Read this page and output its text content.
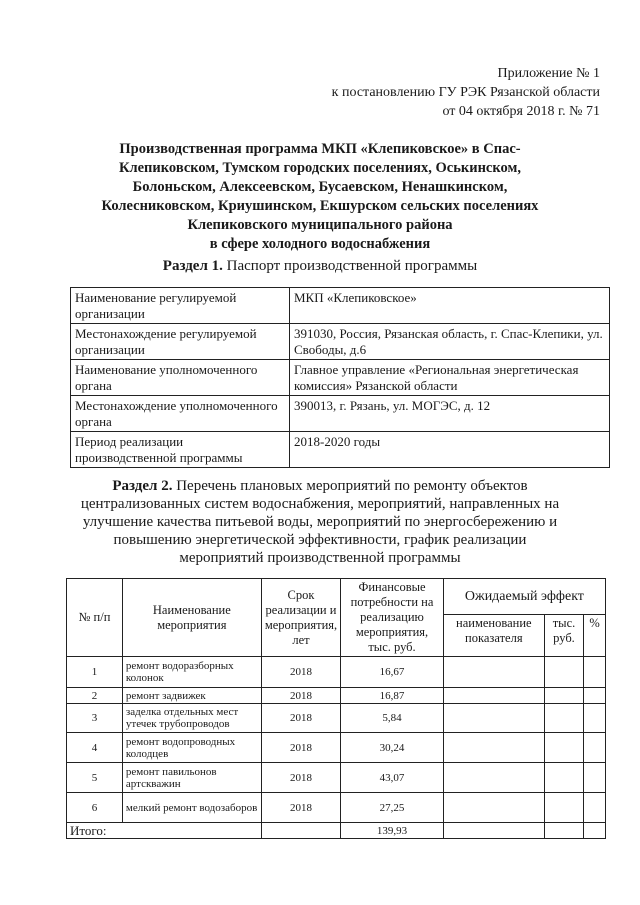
Приложение № 1
к постановлению ГУ РЭК Рязанской области
от 04 октября 2018 г. № 71
Производственная программа МКП «Клепиковское» в Спас-
Клепиковском, Тумском городских поселениях, Оськинском,
Болоньском, Алексеевском, Бусаевском, Ненашкинском,
Колесниковском, Криушинском, Екшурском сельских поселениях
Клепиковского муниципального района
в сфере холодного водоснабжения
Раздел 1. Паспорт производственной программы
Наименование регулируемой организации	МКП «Клепиковское»
Местонахождение регулируемой организации	391030, Россия, Рязанская область, г. Спас-Клепики, ул. Свободы, д.6
Наименование уполномоченного органа	Главное управление «Региональная энергетическая комиссия» Рязанской области
Местонахождение уполномоченного органа	390013, г. Рязань, ул. МОГЭС, д. 12
Период реализации производственной программы	2018-2020 годы
Раздел 2. Перечень плановых мероприятий по ремонту объектов
централизованных систем водоснабжения, мероприятий, направленных на
улучшение качества питьевой воды, мероприятий по энергосбережению и
повышению энергетической эффективности, график реализации
мероприятий производственной программы
№ п/п	Наименование мероприятия	Срок реализации и мероприятия, лет	Финансовые потребности на реализацию мероприятия, тыс. руб.	Ожидаемый эффект		
				наименование показателя	тыс. руб.	%
1	ремонт водоразборных колонок	2018	16,67			
2	ремонт задвижек	2018	16,87			
3	заделка отдельных мест утечек трубопроводов	2018	5,84			
4	ремонт водопроводных колодцев	2018	30,24			
5	ремонт павильонов артскважин	2018	43,07			
6	мелкий ремонт водозаборов	2018	27,25			
Итого:			139,93			
